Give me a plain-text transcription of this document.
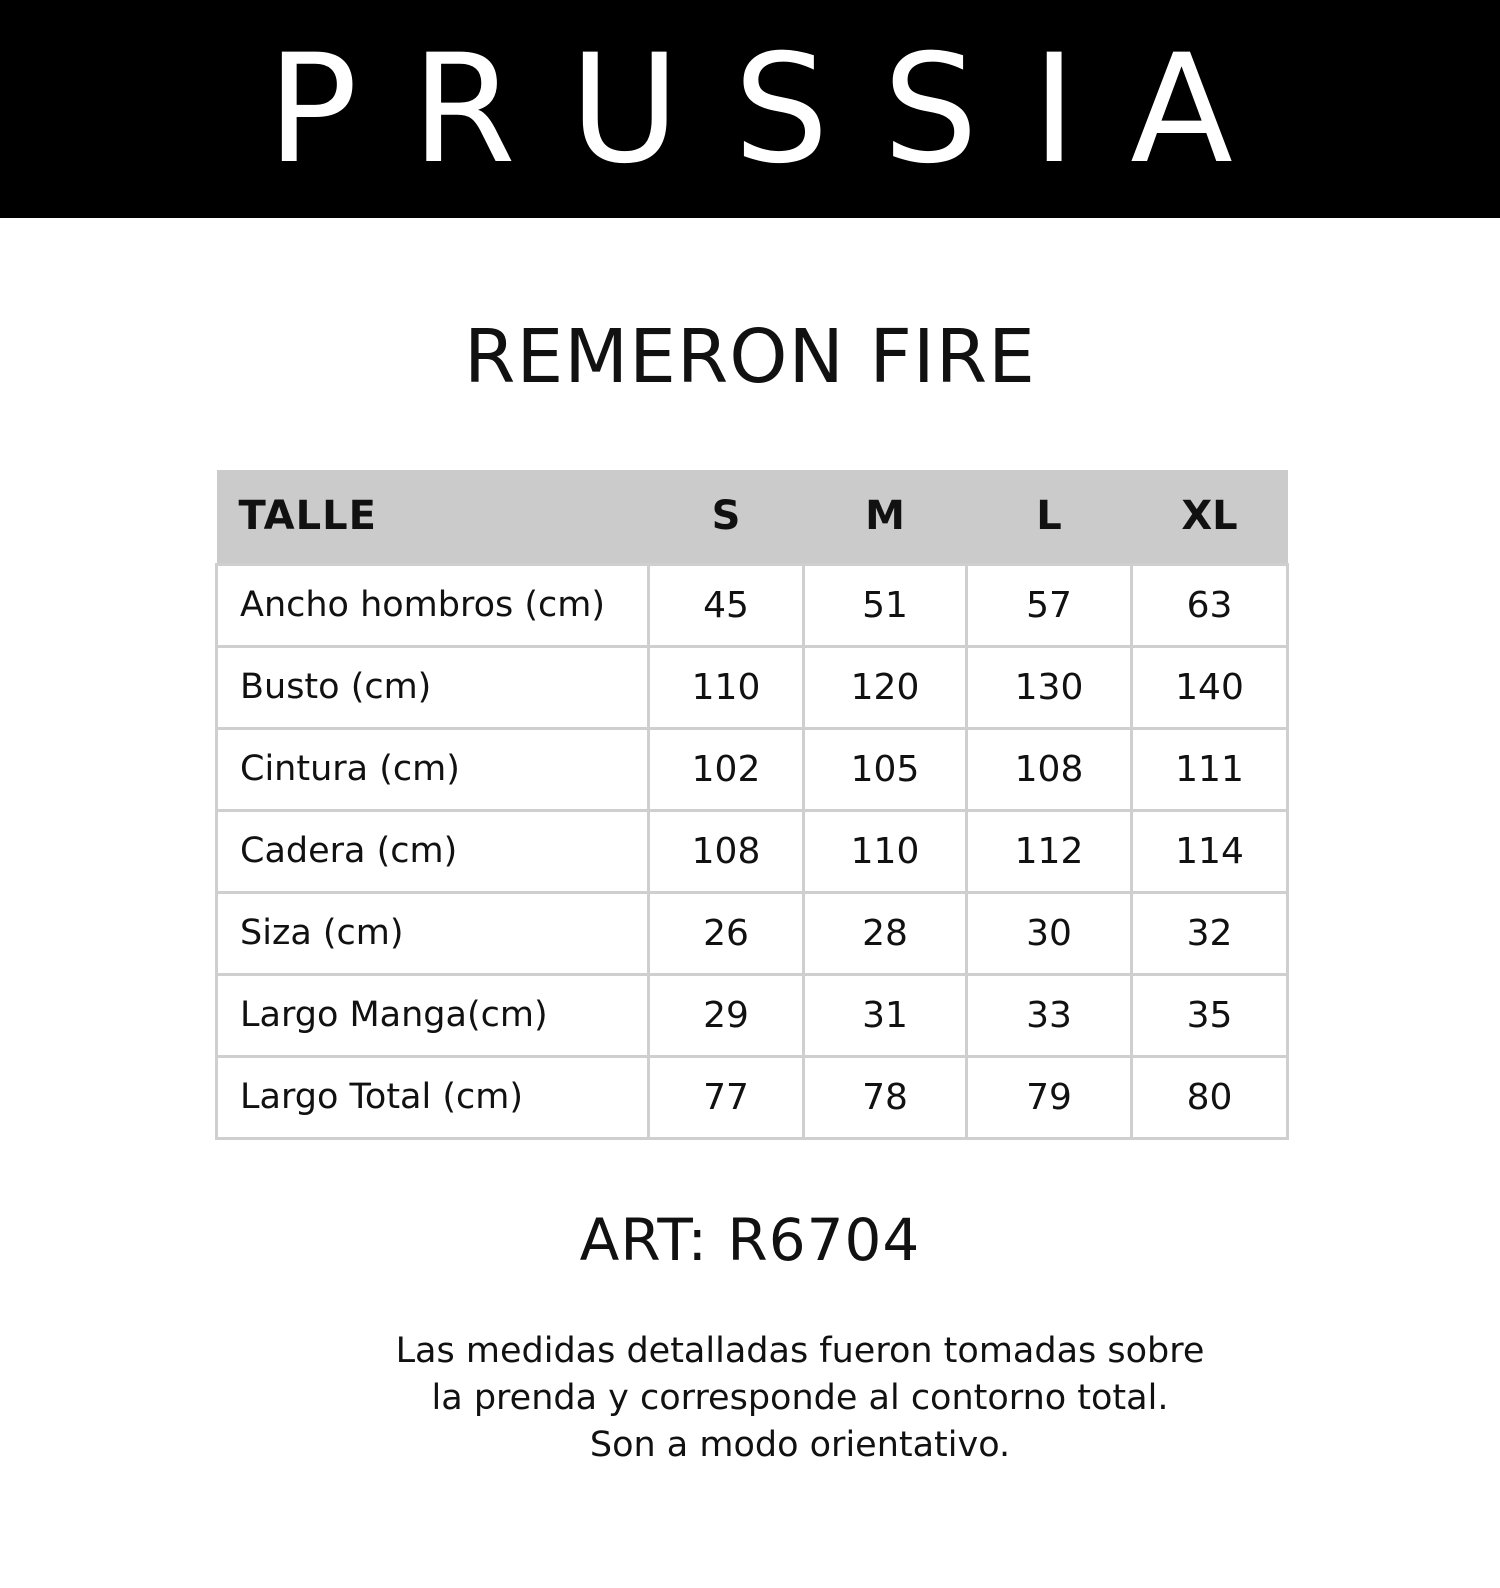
PRUSSIA
REMERON FIRE
TALLE	S	M	L	XL
Ancho hombros (cm)	45	51	57	63
Busto (cm)	110	120	130	140
Cintura (cm)	102	105	108	111
Cadera (cm)	108	110	112	114
Siza (cm)	26	28	30	32
Largo Manga(cm)	29	31	33	35
Largo Total (cm)	77	78	79	80
ART: R6704
Las medidas detalladas fueron tomadas sobre
la prenda y corresponde al contorno total.
Son a modo orientativo.
